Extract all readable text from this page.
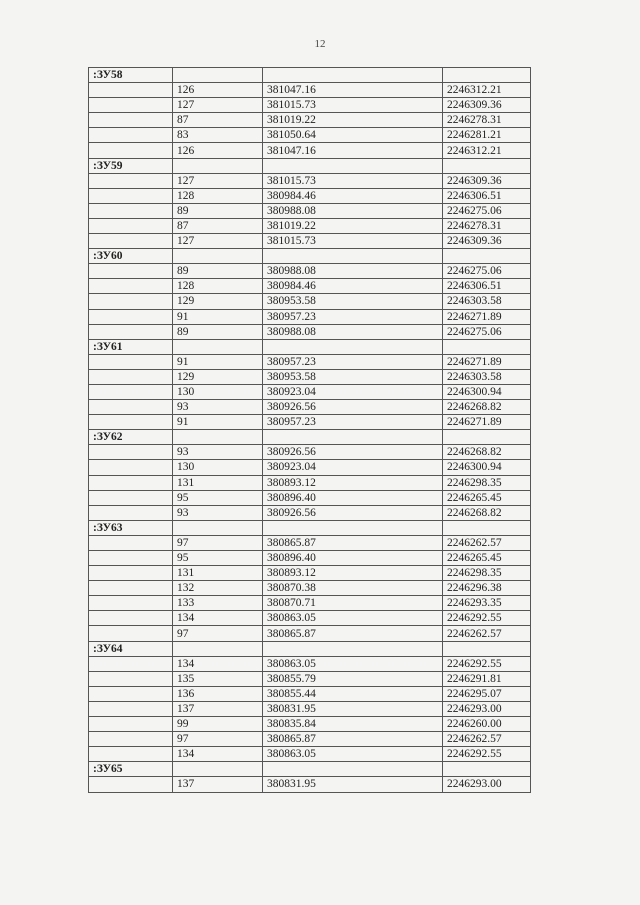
12
:ЗУ58			
	126	381047.16	2246312.21
	127	381015.73	2246309.36
	87	381019.22	2246278.31
	83	381050.64	2246281.21
	126	381047.16	2246312.21
:ЗУ59			
	127	381015.73	2246309.36
	128	380984.46	2246306.51
	89	380988.08	2246275.06
	87	381019.22	2246278.31
	127	381015.73	2246309.36
:ЗУ60			
	89	380988.08	2246275.06
	128	380984.46	2246306.51
	129	380953.58	2246303.58
	91	380957.23	2246271.89
	89	380988.08	2246275.06
:ЗУ61			
	91	380957.23	2246271.89
	129	380953.58	2246303.58
	130	380923.04	2246300.94
	93	380926.56	2246268.82
	91	380957.23	2246271.89
:ЗУ62			
	93	380926.56	2246268.82
	130	380923.04	2246300.94
	131	380893.12	2246298.35
	95	380896.40	2246265.45
	93	380926.56	2246268.82
:ЗУ63			
	97	380865.87	2246262.57
	95	380896.40	2246265.45
	131	380893.12	2246298.35
	132	380870.38	2246296.38
	133	380870.71	2246293.35
	134	380863.05	2246292.55
	97	380865.87	2246262.57
:ЗУ64			
	134	380863.05	2246292.55
	135	380855.79	2246291.81
	136	380855.44	2246295.07
	137	380831.95	2246293.00
	99	380835.84	2246260.00
	97	380865.87	2246262.57
	134	380863.05	2246292.55
:ЗУ65			
	137	380831.95	2246293.00
